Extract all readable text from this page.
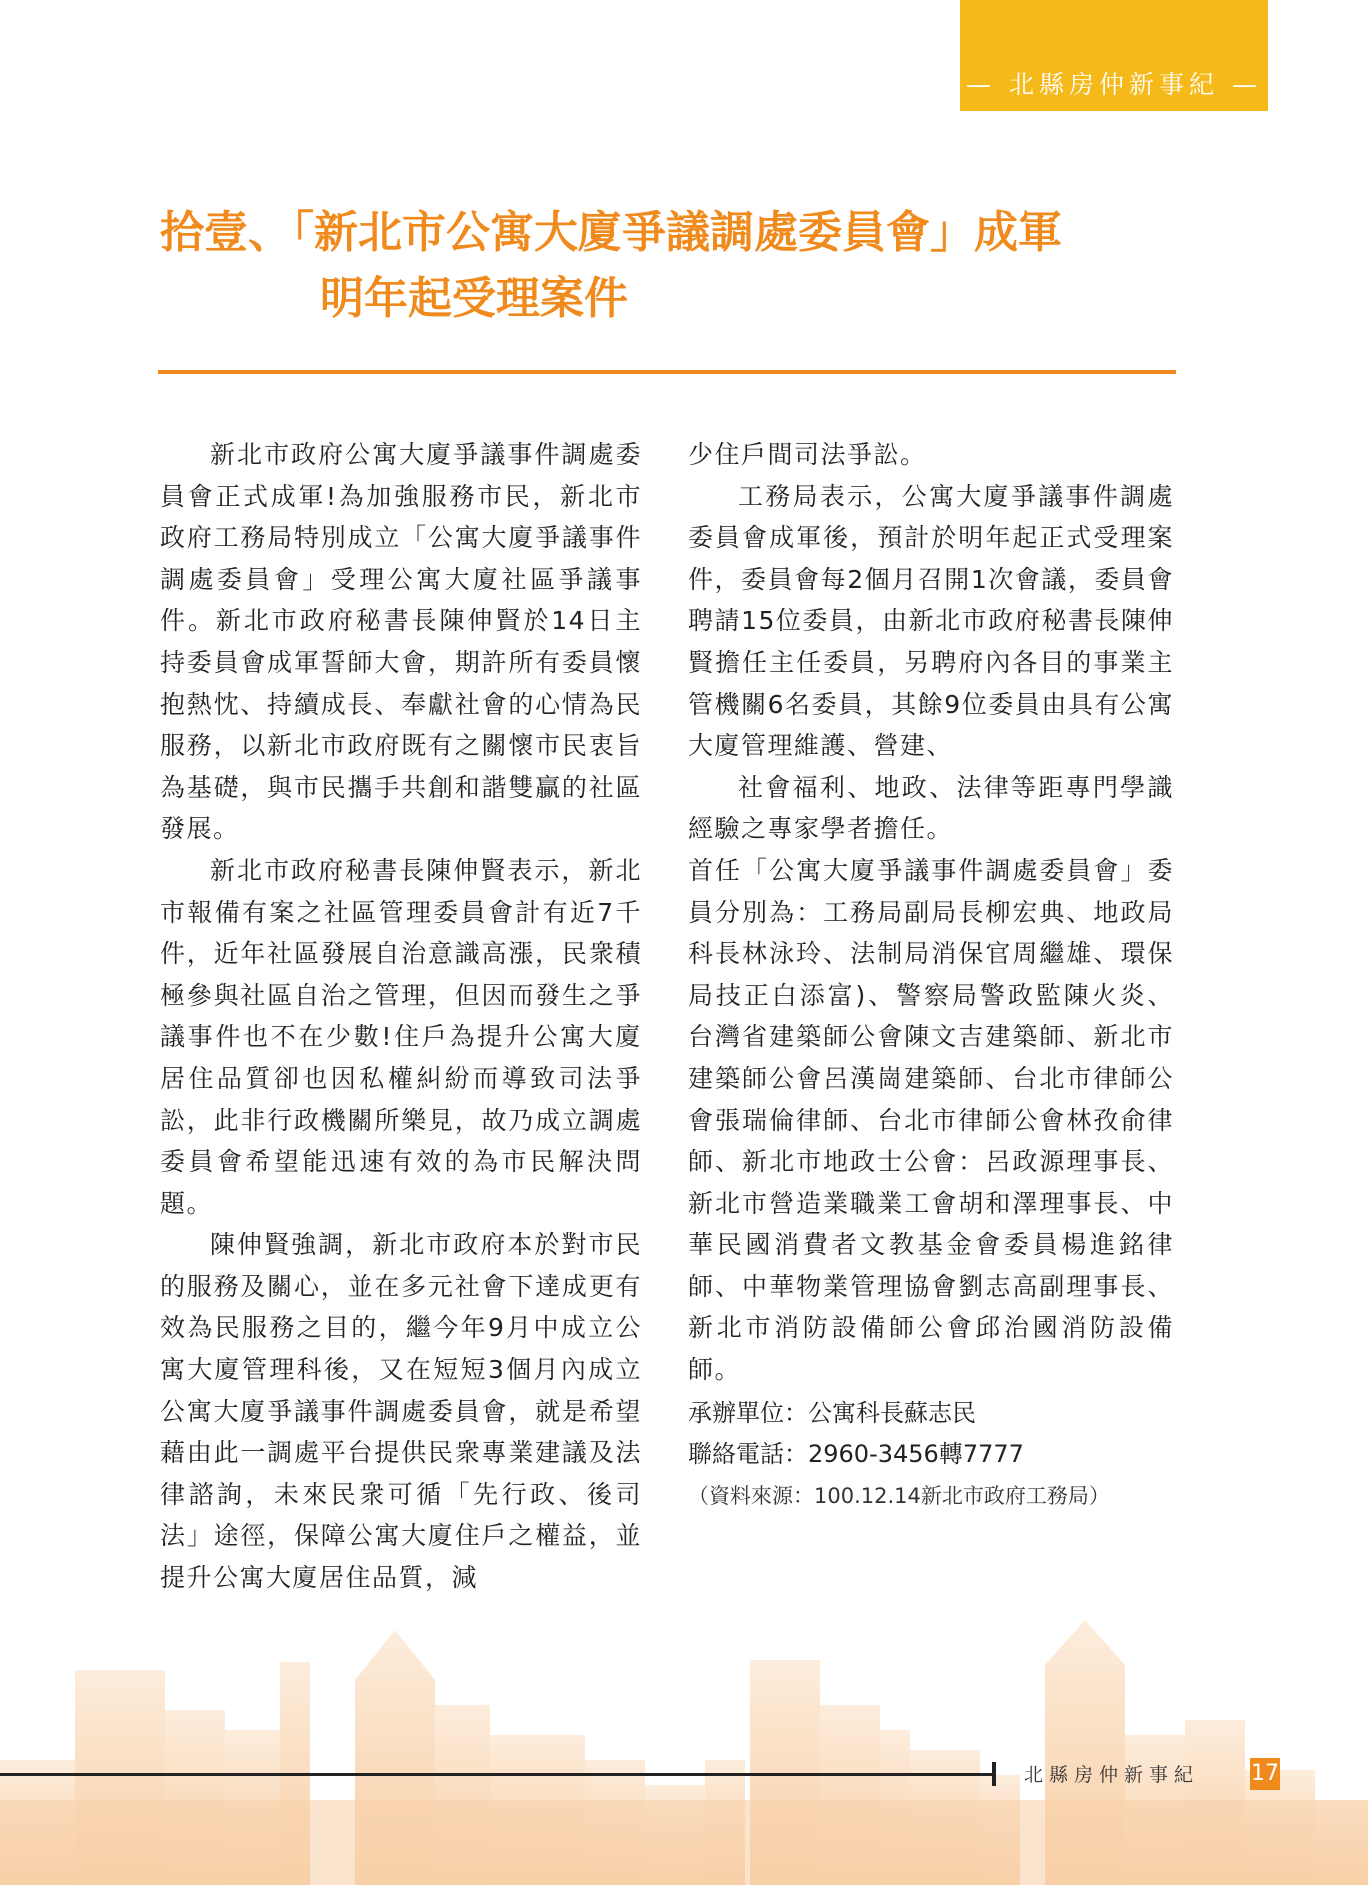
— 北縣房仲新事紀 —
拾壹、「新北市公寓大廈爭議調處委員會」成軍
明年起受理案件

新北市政府公寓大廈爭議事件調處委員會正式成軍!為加強服務市民，新北市政府工務局特別成立「公寓大廈爭議事件調處委員會」受理公寓大廈社區爭議事件。新北市政府秘書長陳伸賢於14日主持委員會成軍誓師大會，期許所有委員懷抱熱忱、持續成長、奉獻社會的心情為民服務，以新北市政府既有之關懷市民衷旨為基礎，與市民攜手共創和諧雙贏的社區發展。

新北市政府秘書長陳伸賢表示，新北市報備有案之社區管理委員會計有近7千件，近年社區發展自治意識高漲，民衆積極參與社區自治之管理，但因而發生之爭議事件也不在少數!住戶為提升公寓大廈居住品質卻也因私權糾紛而導致司法爭訟，此非行政機關所樂見，故乃成立調處委員會希望能迅速有效的為市民解決問題。

陳伸賢強調，新北市政府本於對市民的服務及關心，並在多元社會下達成更有效為民服務之目的，繼今年9月中成立公寓大廈管理科後，又在短短3個月內成立公寓大廈爭議事件調處委員會，就是希望藉由此一調處平台提供民衆專業建議及法律諮詢，未來民衆可循「先行政、後司法」途徑，保障公寓大廈住戶之權益，並提升公寓大廈居住品質，減

少住戶間司法爭訟。

工務局表示，公寓大廈爭議事件調處委員會成軍後，預計於明年起正式受理案件，委員會每2個月召開1次會議，委員會聘請15位委員，由新北市政府秘書長陳伸賢擔任主任委員，另聘府內各目的事業主管機關6名委員，其餘9位委員由具有公寓大廈管理維護、營建、

社會福利、地政、法律等距專門學識經驗之專家學者擔任。

首任「公寓大廈爭議事件調處委員會」委員分別為：工務局副局長柳宏典、地政局科長林泳玲、法制局消保官周繼雄、環保局技正白添富)、警察局警政監陳火炎、台灣省建築師公會陳文吉建築師、新北市建築師公會呂漢崗建築師、台北市律師公會張瑞倫律師、台北市律師公會林孜俞律師、新北市地政士公會：呂政源理事長、新北市營造業職業工會胡和澤理事長、中華民國消費者文教基金會委員楊進銘律師、中華物業管理協會劉志高副理事長、新北市消防設備師公會邱治國消防設備師。

承辦單位：公寓科長蘇志民

聯絡電話：2960-3456轉7777

（資料來源：100.12.14新北市政府工務局）

北縣房仲新事紀 17
